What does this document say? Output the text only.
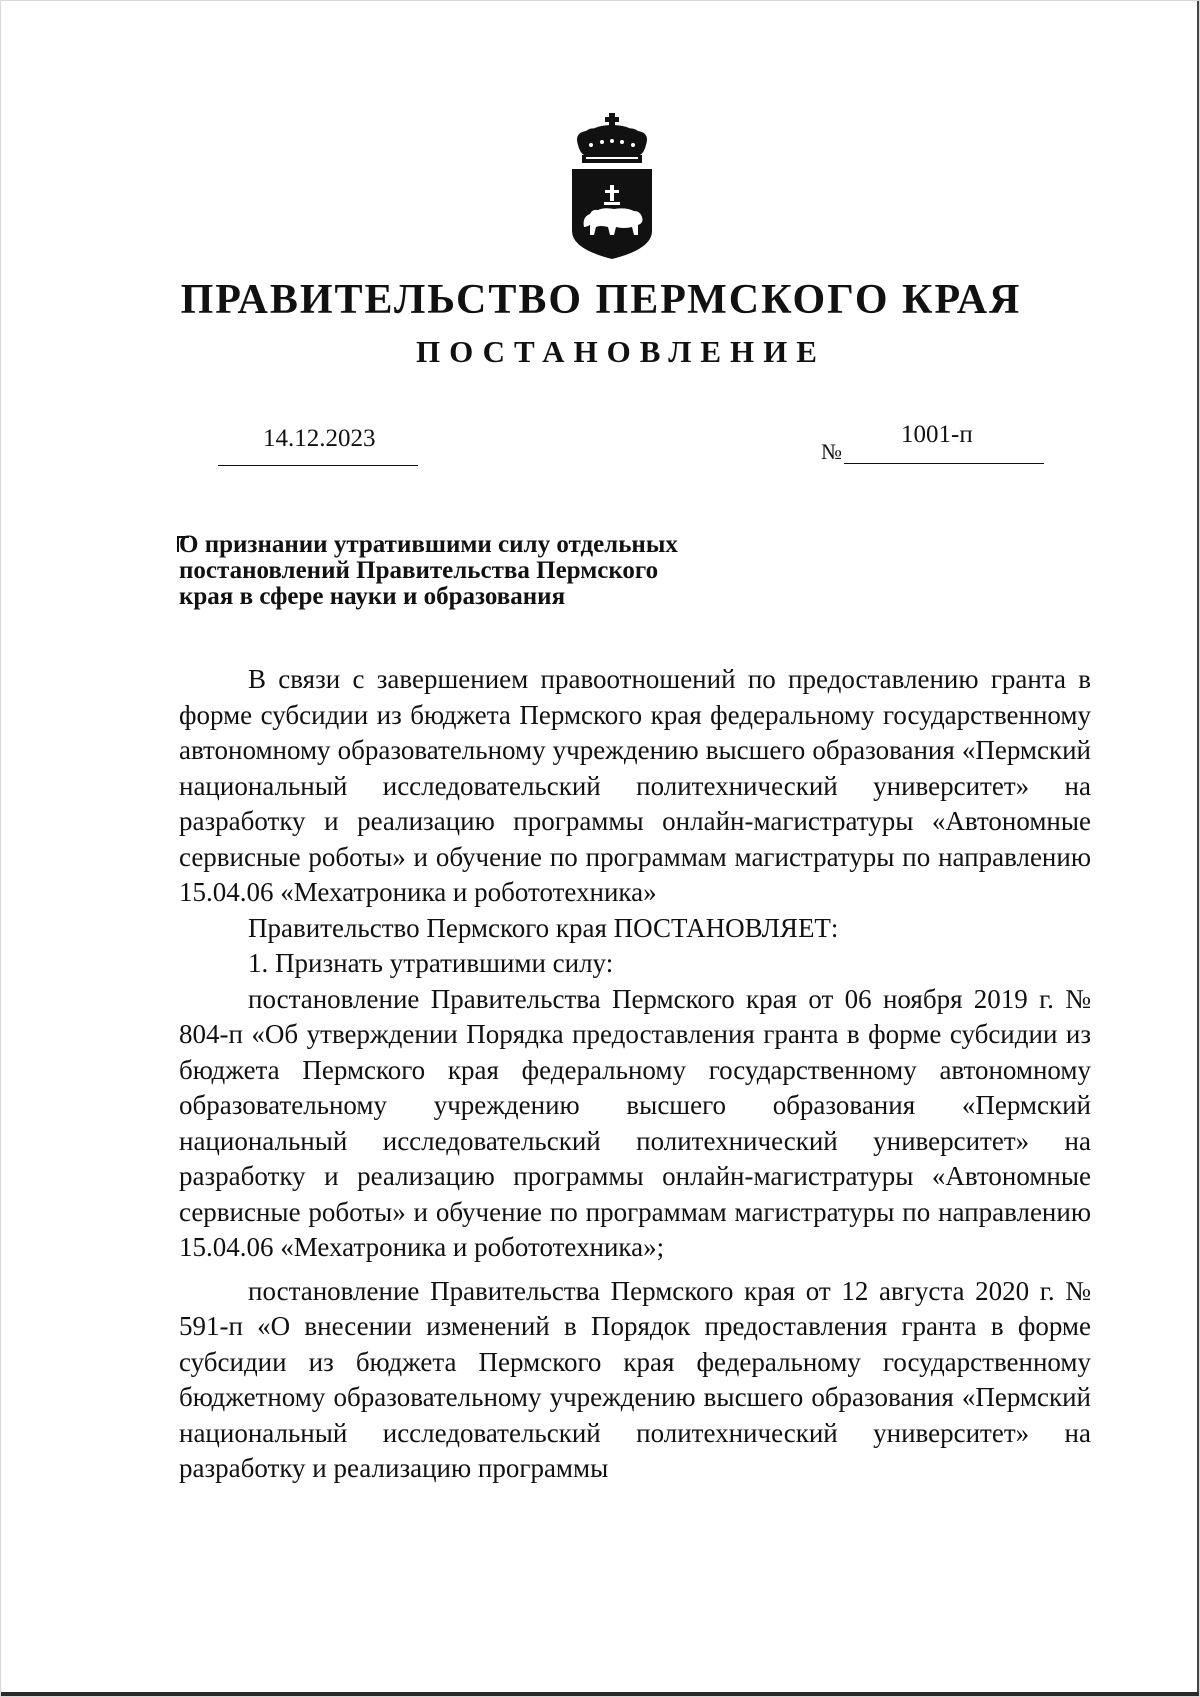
ПРАВИТЕЛЬСТВО ПЕРМСКОГО КРАЯ
ПОСТАНОВЛЕНИЕ
14.12.2023	№
1001-п
О признании утратившими силу отдельных
постановлений Правительства Пермского
края в сфере науки и образования

В связи с завершением правоотношений по предоставлению гранта в форме субсидии из бюджета Пермского края федеральному государственному автономному образовательному учреждению высшего образования «Пермский национальный исследовательский политехнический университет» на разработку и реализацию программы онлайн-магистратуры «Автономные сервисные роботы» и обучение по программам магистратуры по направлению 15.04.06 «Мехатроника и робототехника»

Правительство Пермского края ПОСТАНОВЛЯЕТ:

1. Признать утратившими силу:

постановление Правительства Пермского края от 06 ноября 2019 г. № 804-п «Об утверждении Порядка предоставления гранта в форме субсидии из бюджета Пермского края федеральному государственному автономному образовательному учреждению высшего образования «Пермский национальный исследовательский политехнический университет» на разработку и реализацию программы онлайн-магистратуры «Автономные сервисные роботы» и обучение по программам магистратуры по направлению 15.04.06 «Мехатроника и робототехника»;

постановление Правительства Пермского края от 12 августа 2020 г. № 591-п «О внесении изменений в Порядок предоставления гранта в форме субсидии из бюджета Пермского края федеральному государственному бюджетному образовательному учреждению высшего образования «Пермский национальный исследовательский политехнический университет» на разработку и реализацию программы
